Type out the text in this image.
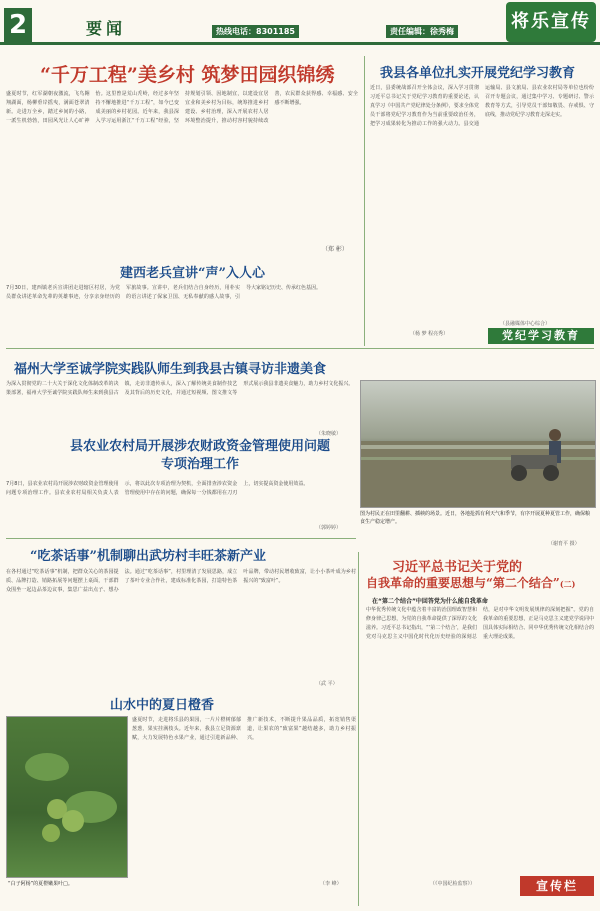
2	要闻	热线电话：8301185	责任编辑：徐秀梅	将乐宣传
“千万工程”美乡村 筑梦田园织锦绣
盛夏时节，红军湖朝夜激流，飞鸟翱翔湖面，杨柳垂岸摇曳，满面苍翠清新。走进万全乡，踏过乡间的小路，一派生机勃勃，田园风光让人心旷神怡。这里曾是荒山秃岭，经过多年坚持不懈地推进“千万工程”，如今已变成美丽的乡村花园。近年来，我县深入学习运用浙江“千万工程”经验，坚持规划引领、因地制宜，以建设宜居宜业和美乡村为目标，统筹推进乡村建设、乡村治理，深入开展农村人居环境整治提升，推动村容村貌持续改善，农民群众获得感、幸福感、安全感不断增强。
（郑 彬）
我县各单位扎实开展党纪学习教育
近日，县委统战部召开全体会议，深入学习贯彻习近平总书记关于党纪学习教育的重要论述，认真学习《中国共产党纪律处分条例》，要求全体党员干部将党纪学习教育作为当前重要政治任务，把学习成果转化为推动工作的强大动力。县交通运输局、县文旅局、县农业农村局等单位也纷纷召开专题会议，通过集中学习、专题研讨、警示教育等方式，引导党员干部知敬畏、存戒惧、守底线，推动党纪学习教育走深走实。
（县融媒体中心综合）
党纪学习教育
建西老兵宣讲“声”入人心
7月30日，建西镇老兵宣讲团走进辖区村居，为党员群众讲述革命先辈的英雄事迹，分享亲身经历的军旅故事。宣讲中，老兵们结合自身经历，用朴实的语言讲述了保家卫国、无私奉献的感人故事，引导大家铭记历史、传承红色基因。
（杨 梦 程亮秀）
福州大学至诚学院实践队师生到我县古镇寻访非遗美食
为深入贯彻党的二十大关于深化文化体制改革的决策部署，福州大学至诚学院实践队师生来到我县古镇，走访非遗传承人，深入了解传统美食制作技艺及其背后的历史文化，并通过短视频、图文推文等形式展示我县非遗美食魅力，助力乡村文化振兴。
（朱晓敏）
图为村民正在田里翻耕、插秧的场景。近日，各地抢抓有利天气和季节，有序开展夏种夏管工作，确保粮食生产稳定增产。
（谢育平 摄）
县农业农村局开展涉农财政资金管理使用问题专项治理工作
7月8日，县农业农村局开展涉农财政资金管理使用问题专项治理工作。县农业农村局相关负责人表示，将以此次专项治理为契机，全面排查涉农资金管理使用中存在的问题，确保每一分钱都用在刀刃上，切实提高资金使用效益。
（郭婷婷）
“吃茶话事”机制聊出武坊村丰旺茶新产业
在各村通过“吃茶话事”机制，把群众关心的茶园提质、品牌打造、销路拓展等问题摆上桌面，干部群众围坐一起边品茶边议事，集思广益出点子、想办法。通过“吃茶话事”，村里理清了发展思路，成立了茶叶专业合作社，建成标准化茶园，打造特色茶叶品牌，带动村民增收致富，让小小茶叶成为乡村振兴的“致富叶”。
（武 平）
山水中的夏日橙香
“白子阿杨”的夏橙嫩果叶□。
盛夏时节，走进将乐县的果园，一片片橙树郁郁葱葱，果实挂满枝头。近年来，我县立足资源禀赋，大力发展特色水果产业，通过引进新品种、推广新技术，不断提升果品品质，拓宽销售渠道，让果农的“致富果”越结越多，助力乡村振兴。
（李 峰）
习近平总书记关于党的
自我革命的重要思想与“第二个结合”(二)
在“第二个结合”中回答党为什么能自我革命
中华优秀传统文化中蕴含着丰富的治国理政智慧和修身律己思想，为党的自我革命提供了深厚的文化滋养。习近平总书记指出，“‘第二个结合’，是我们党对马克思主义中国化时代化历史经验的深刻总结，是对中华文明发展规律的深刻把握”。党的自我革命的重要思想，正是马克思主义建党学说同中国具体实际相结合、同中华优秀传统文化相结合的重大理论成果。
（《中国纪检监察》）	宣传栏
